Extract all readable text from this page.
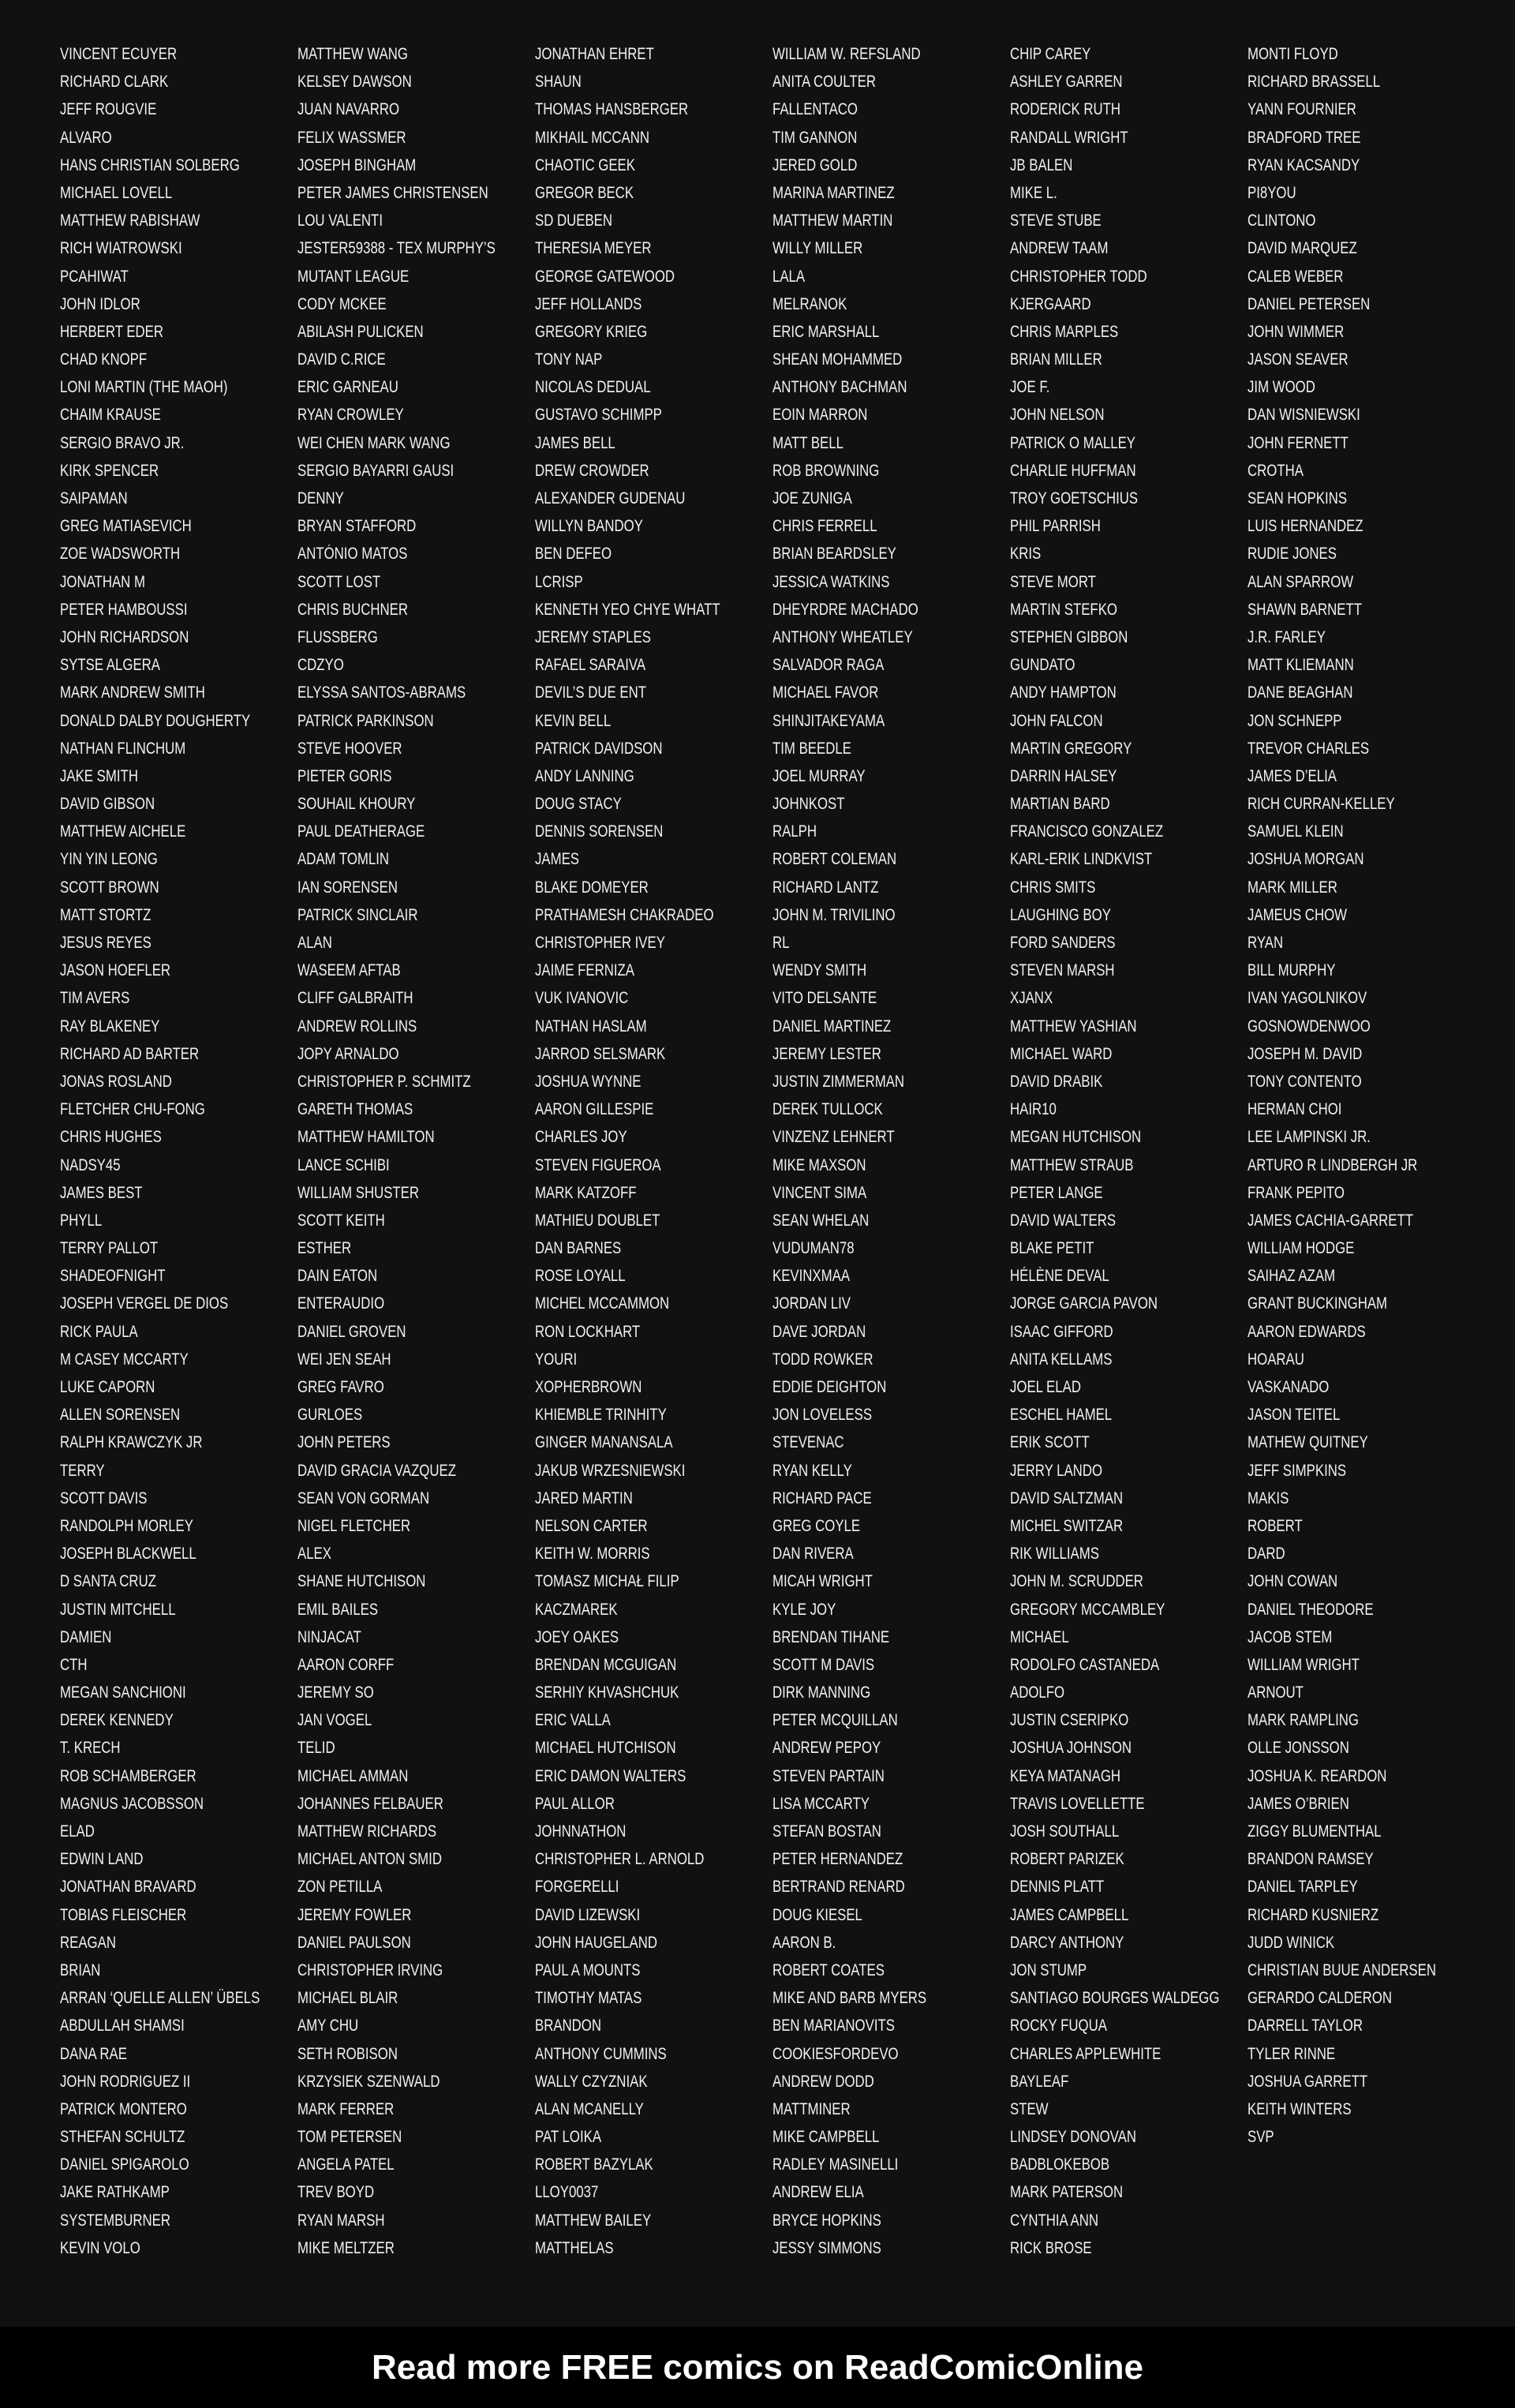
VINCENT ECUYER
RICHARD CLARK
JEFF ROUGVIE
ALVARO
HANS CHRISTIAN SOLBERG
MICHAEL LOVELL
MATTHEW RABISHAW
RICH WIATROWSKI
PCAHIWAT
JOHN IDLOR
HERBERT EDER
CHAD KNOPF
LONI MARTIN (THE MAOH)
CHAIM KRAUSE
SERGIO BRAVO JR.
KIRK SPENCER
SAIPAMAN
GREG MATIASEVICH
ZOE WADSWORTH
JONATHAN M
PETER HAMBOUSSI
JOHN RICHARDSON
SYTSE ALGERA
MARK ANDREW SMITH
DONALD DALBY DOUGHERTY
NATHAN FLINCHUM
JAKE SMITH
DAVID GIBSON
MATTHEW AICHELE
YIN YIN LEONG
SCOTT BROWN
MATT STORTZ
JESUS REYES
JASON HOEFLER
TIM AVERS
RAY BLAKENEY
RICHARD AD BARTER
JONAS ROSLAND
FLETCHER CHU-FONG
CHRIS HUGHES
NADSY45
JAMES BEST
PHYLL
TERRY PALLOT
SHADEOFNIGHT
JOSEPH VERGEL DE DIOS
RICK PAULA
M CASEY MCCARTY
LUKE CAPORN
ALLEN SORENSEN
RALPH KRAWCZYK JR
TERRY
SCOTT DAVIS
RANDOLPH MORLEY
JOSEPH BLACKWELL
D SANTA CRUZ
JUSTIN MITCHELL
DAMIEN
CTH
MEGAN SANCHIONI
DEREK KENNEDY
T. KRECH
ROB SCHAMBERGER
MAGNUS JACOBSSON
ELAD
EDWIN LAND
JONATHAN BRAVARD
TOBIAS FLEISCHER
REAGAN
BRIAN
ARRAN ‘QUELLE ALLEN’ ÜBELS
ABDULLAH SHAMSI
DANA RAE
JOHN RODRIGUEZ II
PATRICK MONTERO
STHEFAN SCHULTZ
DANIEL SPIGAROLO
JAKE RATHKAMP
SYSTEMBURNER
KEVIN VOLO
MATTHEW WANG
KELSEY DAWSON
JUAN NAVARRO
FELIX WASSMER
JOSEPH BINGHAM
PETER JAMES CHRISTENSEN
LOU VALENTI
JESTER59388 - TEX MURPHY’S
MUTANT LEAGUE
CODY MCKEE
ABILASH PULICKEN
DAVID C.RICE
ERIC GARNEAU
RYAN CROWLEY
WEI CHEN MARK WANG
SERGIO BAYARRI GAUSI
DENNY
BRYAN STAFFORD
ANTÓNIO MATOS
SCOTT LOST
CHRIS BUCHNER
FLUSSBERG
CDZYO
ELYSSA SANTOS-ABRAMS
PATRICK PARKINSON
STEVE HOOVER
PIETER GORIS
SOUHAIL KHOURY
PAUL DEATHERAGE
ADAM TOMLIN
IAN SORENSEN
PATRICK SINCLAIR
ALAN
WASEEM AFTAB
CLIFF GALBRAITH
ANDREW ROLLINS
JOPY ARNALDO
CHRISTOPHER P. SCHMITZ
GARETH THOMAS
MATTHEW HAMILTON
LANCE SCHIBI
WILLIAM SHUSTER
SCOTT KEITH
ESTHER
DAIN EATON
ENTERAUDIO
DANIEL GROVEN
WEI JEN SEAH
GREG FAVRO
GURLOES
JOHN PETERS
DAVID GRACIA VAZQUEZ
SEAN VON GORMAN
NIGEL FLETCHER
ALEX
SHANE HUTCHISON
EMIL BAILES
NINJACAT
AARON CORFF
JEREMY SO
JAN VOGEL
TELID
MICHAEL AMMAN
JOHANNES FELBAUER
MATTHEW RICHARDS
MICHAEL ANTON SMID
ZON PETILLA
JEREMY FOWLER
DANIEL PAULSON
CHRISTOPHER IRVING
MICHAEL BLAIR
AMY CHU
SETH ROBISON
KRZYSIEK SZENWALD
MARK FERRER
TOM PETERSEN
ANGELA PATEL
TREV BOYD
RYAN MARSH
MIKE MELTZER
JONATHAN EHRET
SHAUN
THOMAS HANSBERGER
MIKHAIL MCCANN
CHAOTIC GEEK
GREGOR BECK
SD DUEBEN
THERESIA MEYER
GEORGE GATEWOOD
JEFF HOLLANDS
GREGORY KRIEG
TONY NAP
NICOLAS DEDUAL
GUSTAVO SCHIMPP
JAMES BELL
DREW CROWDER
ALEXANDER GUDENAU
WILLYN BANDOY
BEN DEFEO
LCRISP
KENNETH YEO CHYE WHATT
JEREMY STAPLES
RAFAEL SARAIVA
DEVIL’S DUE ENT
KEVIN BELL
PATRICK DAVIDSON
ANDY LANNING
DOUG STACY
DENNIS SORENSEN
JAMES
BLAKE DOMEYER
PRATHAMESH CHAKRADEO
CHRISTOPHER IVEY
JAIME FERNIZA
VUK IVANOVIC
NATHAN HASLAM
JARROD SELSMARK
JOSHUA WYNNE
AARON GILLESPIE
CHARLES JOY
STEVEN FIGUEROA
MARK KATZOFF
MATHIEU DOUBLET
DAN BARNES
ROSE LOYALL
MICHEL MCCAMMON
RON LOCKHART
YOURI
XOPHERBROWN
KHIEMBLE TRINHITY
GINGER MANANSALA
JAKUB WRZESNIEWSKI
JARED MARTIN
NELSON CARTER
KEITH W. MORRIS
TOMASZ MICHAŁ FILIP
KACZMAREK
JOEY OAKES
BRENDAN MCGUIGAN
SERHIY KHVASHCHUK
ERIC VALLA
MICHAEL HUTCHISON
ERIC DAMON WALTERS
PAUL ALLOR
JOHNNATHON
CHRISTOPHER L. ARNOLD
FORGERELLI
DAVID LIZEWSKI
JOHN HAUGELAND
PAUL A MOUNTS
TIMOTHY MATAS
BRANDON
ANTHONY CUMMINS
WALLY CZYZNIAK
ALAN MCANELLY
PAT LOIKA
ROBERT BAZYLAK
LLOY0037
MATTHEW BAILEY
MATTHELAS
WILLIAM W. REFSLAND
ANITA COULTER
FALLENTACO
TIM GANNON
JERED GOLD
MARINA MARTINEZ
MATTHEW MARTIN
WILLY MILLER
LALA
MELRANOK
ERIC MARSHALL
SHEAN MOHAMMED
ANTHONY BACHMAN
EOIN MARRON
MATT BELL
ROB BROWNING
JOE ZUNIGA
CHRIS FERRELL
BRIAN BEARDSLEY
JESSICA WATKINS
DHEYRDRE MACHADO
ANTHONY WHEATLEY
SALVADOR RAGA
MICHAEL FAVOR
SHINJITAKEYAMA
TIM BEEDLE
JOEL MURRAY
JOHNKOST
RALPH
ROBERT COLEMAN
RICHARD LANTZ
JOHN M. TRIVILINO
RL
WENDY SMITH
VITO DELSANTE
DANIEL MARTINEZ
JEREMY LESTER
JUSTIN ZIMMERMAN
DEREK TULLOCK
VINZENZ LEHNERT
MIKE MAXSON
VINCENT SIMA
SEAN WHELAN
VUDUMAN78
KEVINXMAA
JORDAN LIV
DAVE JORDAN
TODD ROWKER
EDDIE DEIGHTON
JON LOVELESS
STEVENAC
RYAN KELLY
RICHARD PACE
GREG COYLE
DAN RIVERA
MICAH WRIGHT
KYLE JOY
BRENDAN TIHANE
SCOTT M DAVIS
DIRK MANNING
PETER MCQUILLAN
ANDREW PEPOY
STEVEN PARTAIN
LISA MCCARTY
STEFAN BOSTAN
PETER HERNANDEZ
BERTRAND RENARD
DOUG KIESEL
AARON B.
ROBERT COATES
MIKE AND BARB MYERS
BEN MARIANOVITS
COOKIESFORDEVO
ANDREW DODD
MATTMINER
MIKE CAMPBELL
RADLEY MASINELLI
ANDREW ELIA
BRYCE HOPKINS
JESSY SIMMONS
CHIP CAREY
ASHLEY GARREN
RODERICK RUTH
RANDALL WRIGHT
JB BALEN
MIKE L.
STEVE STUBE
ANDREW TAAM
CHRISTOPHER TODD
KJERGAARD
CHRIS MARPLES
BRIAN MILLER
JOE F.
JOHN NELSON
PATRICK O MALLEY
CHARLIE HUFFMAN
TROY GOETSCHIUS
PHIL PARRISH
KRIS
STEVE MORT
MARTIN STEFKO
STEPHEN GIBBON
GUNDATO
ANDY HAMPTON
JOHN FALCON
MARTIN GREGORY
DARRIN HALSEY
MARTIAN BARD
FRANCISCO GONZALEZ
KARL-ERIK LINDKVIST
CHRIS SMITS
LAUGHING BOY
FORD SANDERS
STEVEN MARSH
XJANX
MATTHEW YASHIAN
MICHAEL WARD
DAVID DRABIK
HAIR10
MEGAN HUTCHISON
MATTHEW STRAUB
PETER LANGE
DAVID WALTERS
BLAKE PETIT
HÉLÈNE DEVAL
JORGE GARCIA PAVON
ISAAC GIFFORD
ANITA KELLAMS
JOEL ELAD
ESCHEL HAMEL
ERIK SCOTT
JERRY LANDO
DAVID SALTZMAN
MICHEL SWITZAR
RIK WILLIAMS
JOHN M. SCRUDDER
GREGORY MCCAMBLEY
MICHAEL
RODOLFO CASTANEDA
ADOLFO
JUSTIN CSERIPKO
JOSHUA JOHNSON
KEYA MATANAGH
TRAVIS LOVELLETTE
JOSH SOUTHALL
ROBERT PARIZEK
DENNIS PLATT
JAMES CAMPBELL
DARCY ANTHONY
JON STUMP
SANTIAGO BOURGES WALDEGG
ROCKY FUQUA
CHARLES APPLEWHITE
BAYLEAF
STEW
LINDSEY DONOVAN
BADBLOKEBOB
MARK PATERSON
CYNTHIA ANN
RICK BROSE
MONTI FLOYD
RICHARD BRASSELL
YANN FOURNIER
BRADFORD TREE
RYAN KACSANDY
PI8YOU
CLINTONO
DAVID MARQUEZ
CALEB WEBER
DANIEL PETERSEN
JOHN WIMMER
JASON SEAVER
JIM WOOD
DAN WISNIEWSKI
JOHN FERNETT
CROTHA
SEAN HOPKINS
LUIS HERNANDEZ
RUDIE JONES
ALAN SPARROW
SHAWN BARNETT
J.R. FARLEY
MATT KLIEMANN
DANE BEAGHAN
JON SCHNEPP
TREVOR CHARLES
JAMES D’ELIA
RICH CURRAN-KELLEY
SAMUEL KLEIN
JOSHUA MORGAN
MARK MILLER
JAMEUS CHOW
RYAN
BILL MURPHY
IVAN YAGOLNIKOV
GOSNOWDENWOO
JOSEPH M. DAVID
TONY CONTENTO
HERMAN CHOI
LEE LAMPINSKI JR.
ARTURO R LINDBERGH JR
FRANK PEPITO
JAMES CACHIA-GARRETT
WILLIAM HODGE
SAIHAZ AZAM
GRANT BUCKINGHAM
AARON EDWARDS
HOARAU
VASKANADO
JASON TEITEL
MATHEW QUITNEY
JEFF SIMPKINS
MAKIS
ROBERT
DARD
JOHN COWAN
DANIEL THEODORE
JACOB STEM
WILLIAM WRIGHT
ARNOUT
MARK RAMPLING
OLLE JONSSON
JOSHUA K. REARDON
JAMES O’BRIEN
ZIGGY BLUMENTHAL
BRANDON RAMSEY
DANIEL TARPLEY
RICHARD KUSNIERZ
JUDD WINICK
CHRISTIAN BUUE ANDERSEN
GERARDO CALDERON
DARRELL TAYLOR
TYLER RINNE
JOSHUA GARRETT
KEITH WINTERS
SVP
Read more FREE comics on ReadComicOnline
